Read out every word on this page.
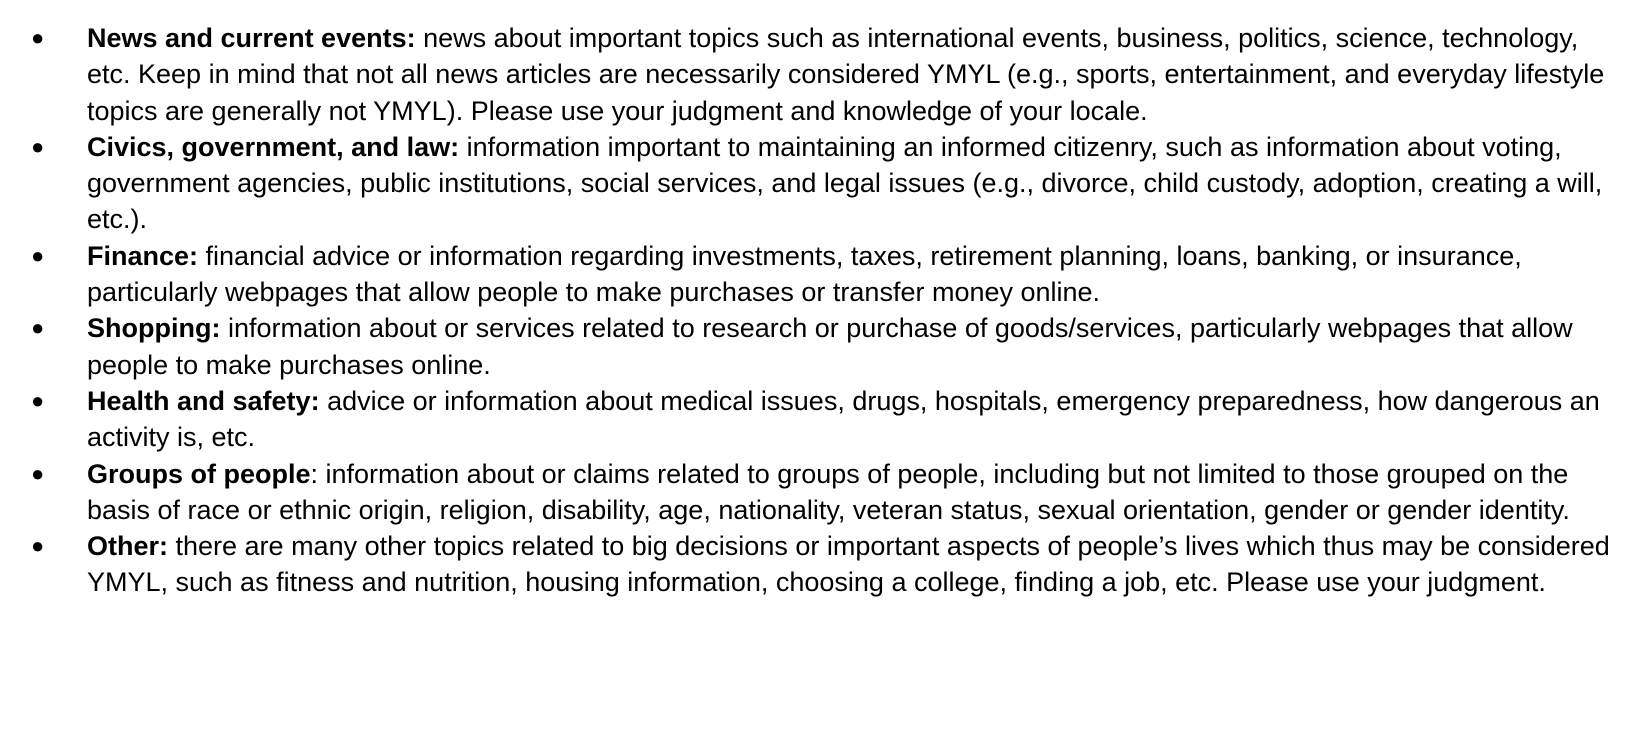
● News and current events: news about important topics such as international events, business, politics, science, technology, etc. Keep in mind that not all news articles are necessarily considered YMYL (e.g., sports, entertainment, and everyday lifestyle topics are generally not YMYL). Please use your judgment and knowledge of your locale.
● Civics, government, and law: information important to maintaining an informed citizenry, such as information about voting, government agencies, public institutions, social services, and legal issues (e.g., divorce, child custody, adoption, creating a will, etc.).
● Finance: financial advice or information regarding investments, taxes, retirement planning, loans, banking, or insurance, particularly webpages that allow people to make purchases or transfer money online.
● Shopping: information about or services related to research or purchase of goods/services, particularly webpages that allow people to make purchases online.
● Health and safety: advice or information about medical issues, drugs, hospitals, emergency preparedness, how dangerous an activity is, etc.
● Groups of people: information about or claims related to groups of people, including but not limited to those grouped on the basis of race or ethnic origin, religion, disability, age, nationality, veteran status, sexual orientation, gender or gender identity.
● Other: there are many other topics related to big decisions or important aspects of people’s lives which thus may be considered YMYL, such as fitness and nutrition, housing information, choosing a college, finding a job, etc. Please use your judgment.
